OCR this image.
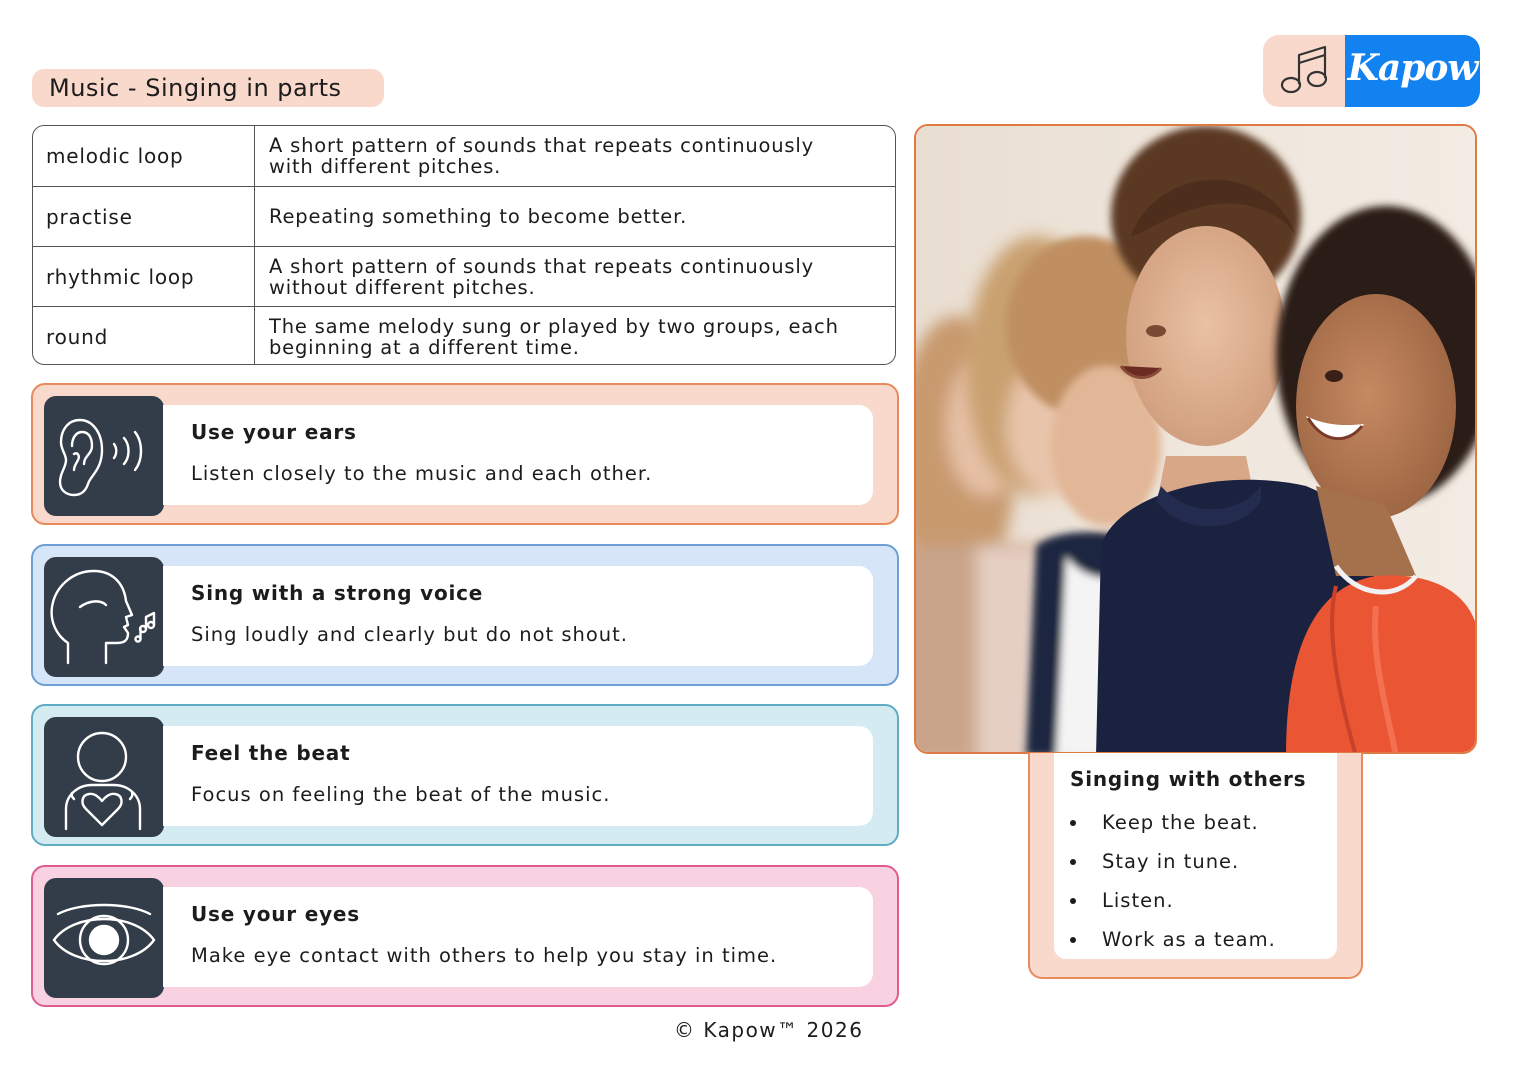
Music - Singing in parts	Kapow
melodic loop	A short pattern of sounds that repeats continuously with different pitches.
practise	Repeating something to become better.
rhythmic loop	A short pattern of sounds that repeats continuously without different pitches.
round	The same melody sung or played by two groups, each beginning at a different time.
Use your ears
Listen closely to the music and each other.
Sing with a strong voice
Sing loudly and clearly but do not shout.
Feel the beat
Focus on feeling the beat of the music.
Use your eyes
Make eye contact with others to help you stay in time.
Singing with others
Keep the beat.
Stay in tune.
Listen.
Work as a team.
© Kapow™ 2026
